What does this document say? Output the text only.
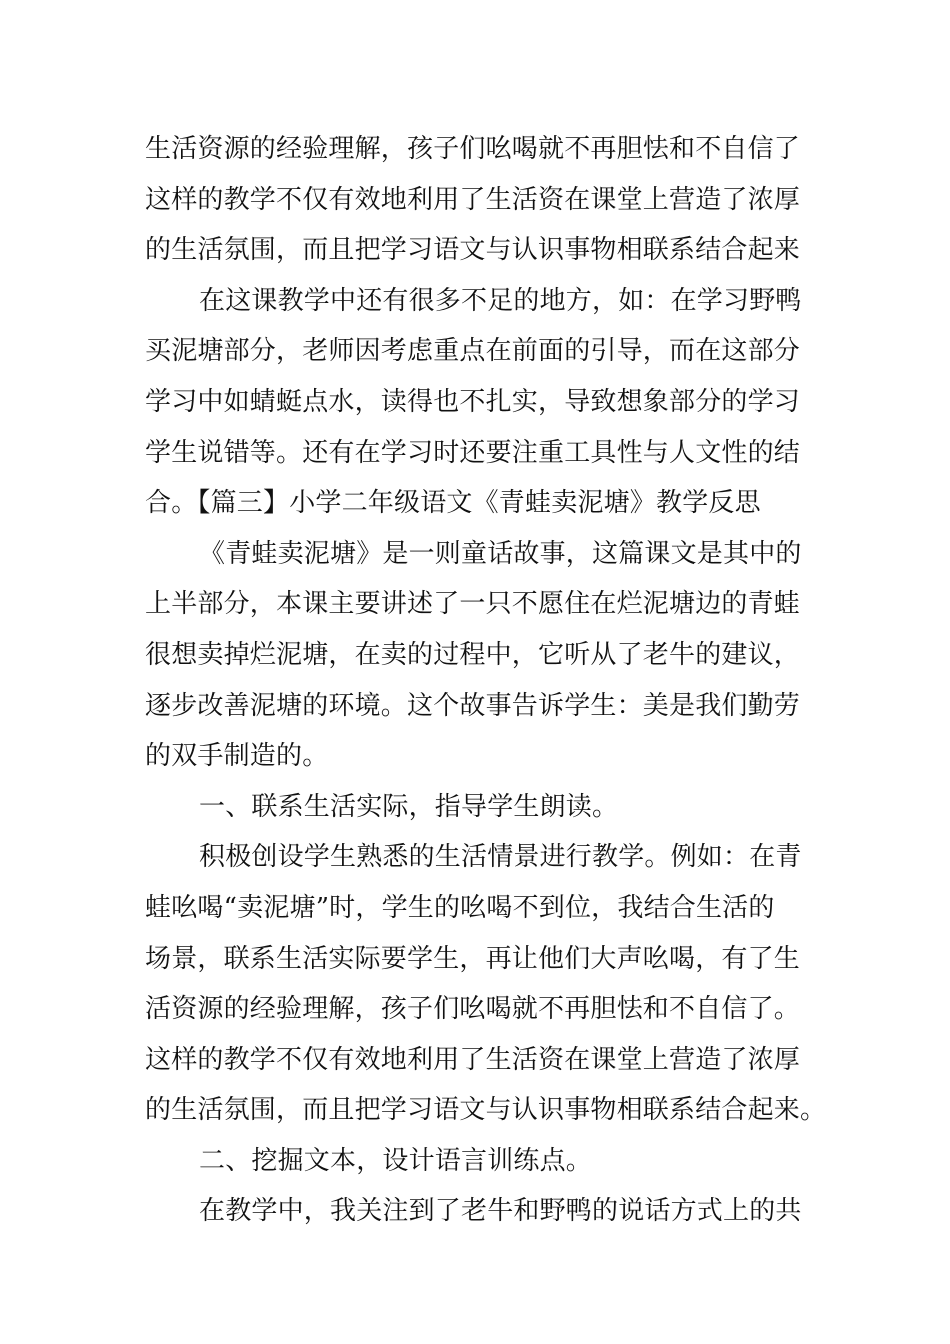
生活资源的经验理解，孩子们吆喝就不再胆怯和不自信了
这样的教学不仅有效地利用了生活资在课堂上营造了浓厚
的生活氛围，而且把学习语文与认识事物相联系结合起来
在这课教学中还有很多不足的地方，如：在学习野鸭
买泥塘部分，老师因考虑重点在前面的引导，而在这部分
学习中如蜻蜓点水，读得也不扎实，导致想象部分的学习
学生说错等。还有在学习时还要注重工具性与人文性的结
合。【篇三】小学二年级语文《青蛙卖泥塘》教学反思
《青蛙卖泥塘》是一则童话故事，这篇课文是其中的
上半部分，本课主要讲述了一只不愿住在烂泥塘边的青蛙
很想卖掉烂泥塘，在卖的过程中，它听从了老牛的建议，
逐步改善泥塘的环境。这个故事告诉学生：美是我们勤劳
的双手制造的。
一、联系生活实际，指导学生朗读。
积极创设学生熟悉的生活情景进行教学。例如：在青
蛙吆喝“卖泥塘”时，学生的吆喝不到位，我结合生活的
场景，联系生活实际要学生，再让他们大声吆喝，有了生
活资源的经验理解，孩子们吆喝就不再胆怯和不自信了。
这样的教学不仅有效地利用了生活资在课堂上营造了浓厚
的生活氛围，而且把学习语文与认识事物相联系结合起来。
二、挖掘文本，设计语言训练点。
在教学中，我关注到了老牛和野鸭的说话方式上的共
